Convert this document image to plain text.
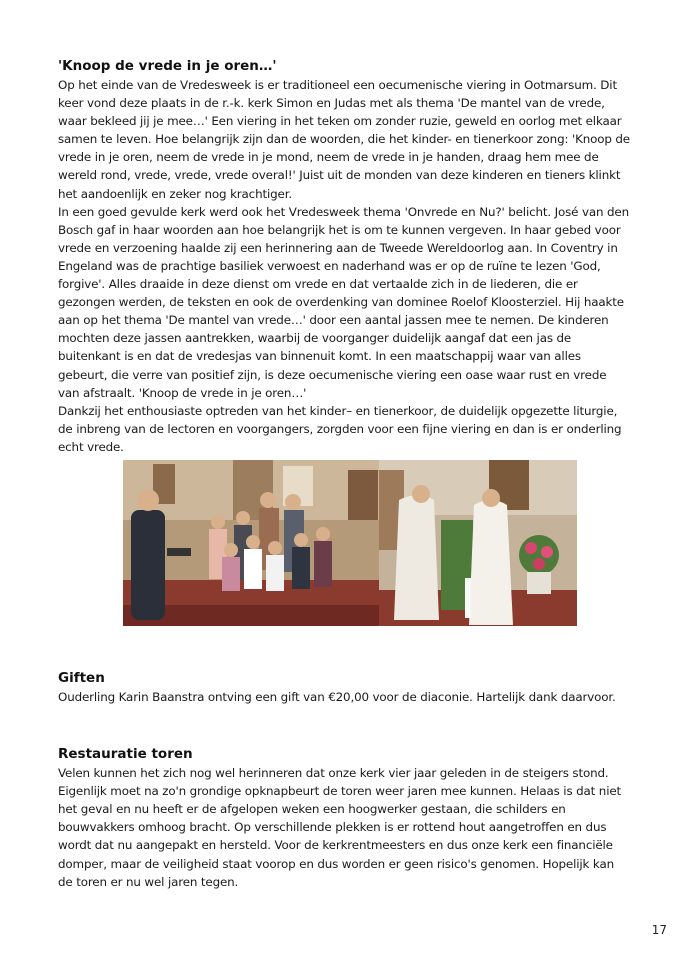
'Knoop de vrede in je oren…'

Op het einde van de Vredesweek is er traditioneel een oecumenische viering in Ootmarsum. Dit keer vond deze plaats in de r.-k. kerk Simon en Judas met als thema 'De mantel van de vrede, waar bekleed jij je mee…' Een viering in het teken om zonder ruzie, geweld en oorlog met elkaar samen te leven. Hoe belangrijk zijn dan de woorden, die het kinder- en tienerkoor zong: 'Knoop de vrede in je oren, neem de vrede in je mond, neem de vrede in je handen, draag hem mee de wereld rond, vrede, vrede, vrede overal!' Juist uit de monden van deze kinderen en tieners klinkt het aandoenlijk en zeker nog krachtiger.

In een goed gevulde kerk werd ook het Vredesweek thema 'Onvrede en Nu?' belicht. José van den Bosch gaf in haar woorden aan hoe belangrijk het is om te kunnen vergeven. In haar gebed voor vrede en verzoening haalde zij een herinnering aan de Tweede Wereldoorlog aan. In Coventry in Engeland was de prachtige basiliek verwoest en naderhand was er op de ruïne te lezen 'God, forgive'. Alles draaide in deze dienst om vrede en dat vertaalde zich in de liederen, die er gezongen werden, de teksten en ook de overdenking van dominee Roelof Kloosterziel. Hij haakte aan op het thema 'De mantel van vrede…' door een aantal jassen mee te nemen. De kinderen mochten deze jassen aantrekken, waarbij de voorganger duidelijk aangaf dat een jas de buitenkant is en dat de vredesjas van binnenuit komt. In een maatschappij waar van alles gebeurt, die verre van positief zijn, is deze oecumenische viering een oase waar rust en vrede van afstraalt. 'Knoop de vrede in je oren…'

Dankzij het enthousiaste optreden van het kinder– en tienerkoor, de duidelijk opgezette liturgie, de inbreng van de lectoren en voorgangers, zorgden voor een fijne viering en dan is er onderling echt vrede.

Giften

Ouderling Karin Baanstra ontving een gift van €20,00 voor de diaconie. Hartelijk dank daarvoor.

Restauratie toren

Velen kunnen het zich nog wel herinneren dat onze kerk vier jaar geleden in de steigers stond. Eigenlijk moet na zo'n grondige opknapbeurt de toren weer jaren mee kunnen. Helaas is dat niet het geval en nu heeft er de afgelopen weken een hoogwerker gestaan, die schilders en bouwvakkers omhoog bracht. Op verschillende plekken is er rottend hout aangetroffen en dus wordt dat nu aangepakt en hersteld. Voor de kerkrentmeesters en dus onze kerk een financiële domper, maar de veiligheid staat voorop en dus worden er geen risico's genomen. Hopelijk kan de toren er nu wel jaren tegen.

17
